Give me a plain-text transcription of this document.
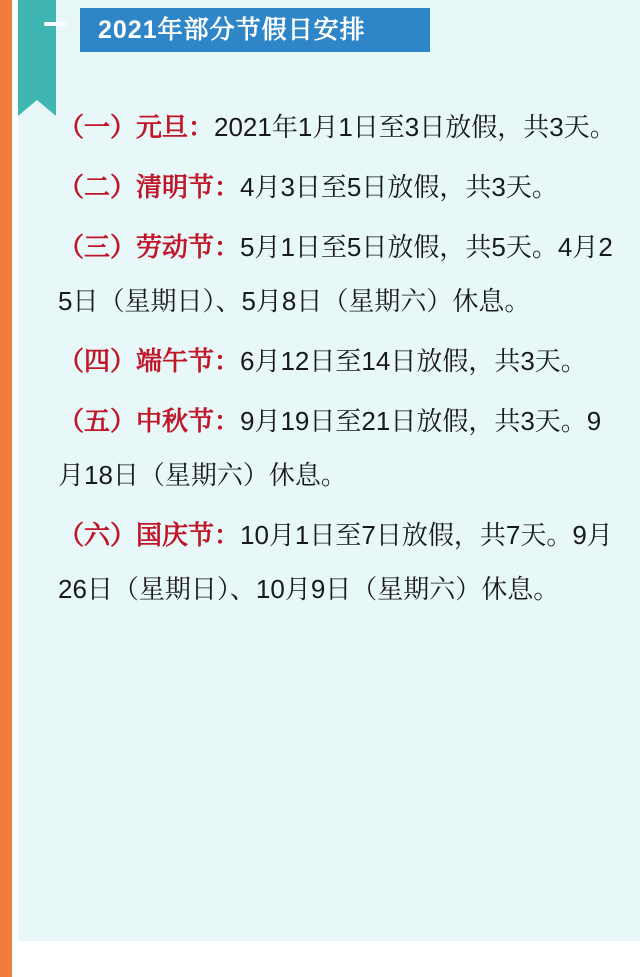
2021年部分节假日安排

（一）元旦：2021年1月1日至3日放假，共3天。

（二）清明节：4月3日至5日放假，共3天。

（三）劳动节：5月1日至5日放假，共5天。4月25日（星期日）、5月8日（星期六）休息。

（四）端午节：6月12日至14日放假，共3天。

（五）中秋节：9月19日至21日放假，共3天。9月18日（星期六）休息。

（六）国庆节：10月1日至7日放假，共7天。9月26日（星期日）、10月9日（星期六）休息。
